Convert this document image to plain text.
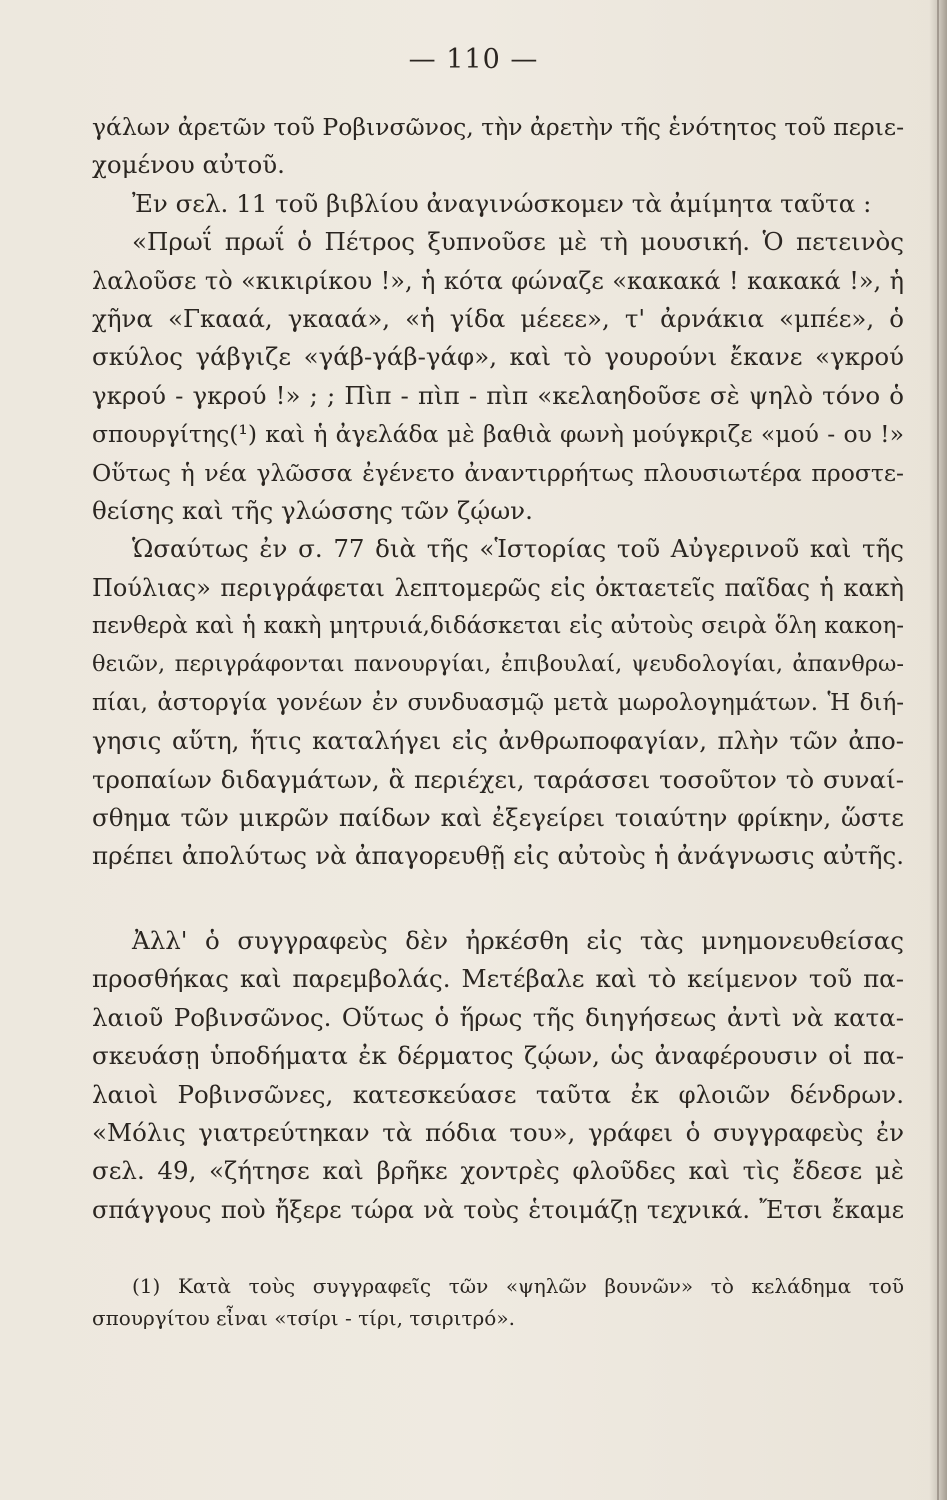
— 110 —
γάλων ἀρετῶν τοῦ Ροβινσῶνος, τὴν ἀρετὴν τῆς ἑνότητος τοῦ περιε-
χομένου αὐτοῦ.
Ἐν σελ. 11 τοῦ βιβλίου ἀναγινώσκομεν τὰ ἀμίμητα ταῦτα :
«Πρωΐ πρωΐ ὁ Πέτρος ξυπνοῦσε μὲ τὴ μουσική. Ὁ πετεινὸς
λαλοῦσε τὸ «κικιρίκου !», ἡ κότα φώναζε «κακακά ! κακακά !», ἡ
χῆνα «Γκααά, γκααά», «ἡ γίδα μέεεε», τ' ἀρνάκια «μπέε», ὁ
σκύλος γάβγιζε «γάβ-γάβ-γάφ», καὶ τὸ γουρούνι ἔκανε «γκρού
γκρού - γκρού !» ; ; Πὶπ - πὶπ - πὶπ «κελαηδοῦσε σὲ ψηλὸ τόνο ὁ
σπουργίτης(¹) καὶ ἡ ἀγελάδα μὲ βαθιὰ φωνὴ μούγκριζε «μού - ου !»
Οὕτως ἡ νέα γλῶσσα ἐγένετο ἀναντιρρήτως πλουσιωτέρα προστε-
θείσης καὶ τῆς γλώσσης τῶν ζῴων.
Ὡσαύτως ἐν σ. 77 διὰ τῆς «Ἱστορίας τοῦ Αὐγερινοῦ καὶ τῆς
Πούλιας» περιγράφεται λεπτομερῶς εἰς ὀκταετεῖς παῖδας ἡ κακὴ
πενθερὰ καὶ ἡ κακὴ μητρυιά,διδάσκεται εἰς αὐτοὺς σειρὰ ὅλη κακοη-
θειῶν, περιγράφονται πανουργίαι, ἐπιβουλαί, ψευδολογίαι, ἀπανθρω-
πίαι, ἀστοργία γονέων ἐν συνδυασμῷ μετὰ μωρολογημάτων. Ἡ διή-
γησις αὕτη, ἥτις καταλήγει εἰς ἀνθρωποφαγίαν, πλὴν τῶν ἀπο-
τροπαίων διδαγμάτων, ἃ περιέχει, ταράσσει τοσοῦτον τὸ συναί-
σθημα τῶν μικρῶν παίδων καὶ ἐξεγείρει τοιαύτην φρίκην, ὥστε
πρέπει ἀπολύτως νὰ ἀπαγορευθῇ εἰς αὐτοὺς ἡ ἀνάγνωσις αὐτῆς.
Ἀλλ' ὁ συγγραφεὺς δὲν ἠρκέσθη εἰς τὰς μνημονευθείσας
προσθήκας καὶ παρεμβολάς. Μετέβαλε καὶ τὸ κείμενον τοῦ πα-
λαιοῦ Ροβινσῶνος. Οὕτως ὁ ἥρως τῆς διηγήσεως ἀντὶ νὰ κατα-
σκευάσῃ ὑποδήματα ἐκ δέρματος ζῴων, ὡς ἀναφέρουσιν οἱ πα-
λαιοὶ Ροβινσῶνες, κατεσκεύασε ταῦτα ἐκ φλοιῶν δένδρων.
«Μόλις γιατρεύτηκαν τὰ πόδια του», γράφει ὁ συγγραφεὺς ἐν
σελ. 49, «ζήτησε καὶ βρῆκε χοντρὲς φλοῦδες καὶ τὶς ἔδεσε μὲ
σπάγγους ποὺ ἤξερε τώρα νὰ τοὺς ἑτοιμάζῃ τεχνικά. Ἔτσι ἔκαμε
(1) Κατὰ τοὺς συγγραφεῖς τῶν «ψηλῶν βουνῶν» τὸ κελάδημα τοῦ
σπουργίτου εἶναι «τσίρι - τίρι, τσιριτρό».
